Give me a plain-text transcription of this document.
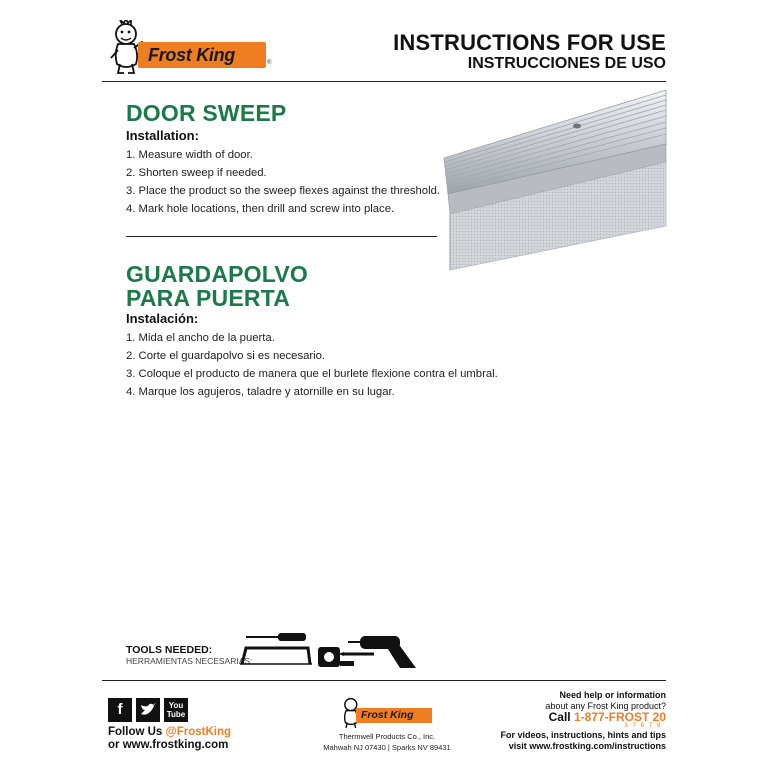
Frost King	®
INSTRUCTIONS FOR USE
INSTRUCCIONES DE USO
DOOR SWEEP
Installation:
1. Measure width of door.
2. Shorten sweep if needed.
3. Place the product so the sweep flexes against the threshold.
4. Mark hole locations, then drill and screw into place.
GUARDAPOLVO
PARA PUERTA
Instalación:
1. Mida el ancho de la puerta.
2. Corte el guardapolvo si es necesario.
3. Coloque el producto de manera que el burlete flexione contra el umbral.
4. Marque los agujeros, taladre y atornille en su lugar.
TOOLS NEEDED:
HERRAMIENTAS NECESARIAS:
f	You
Tube
Follow Us @FrostKing
or www.frostking.com
Frost King
Thermwell Products Co., Inc.
Mahwah NJ 07430 | Sparks NV 89431
Need help or information
about any Frost King product?
Call 1-877-FROST 20
3 7 6 7 8
For videos, instructions, hints and tips
visit www.frostking.com/instructions
